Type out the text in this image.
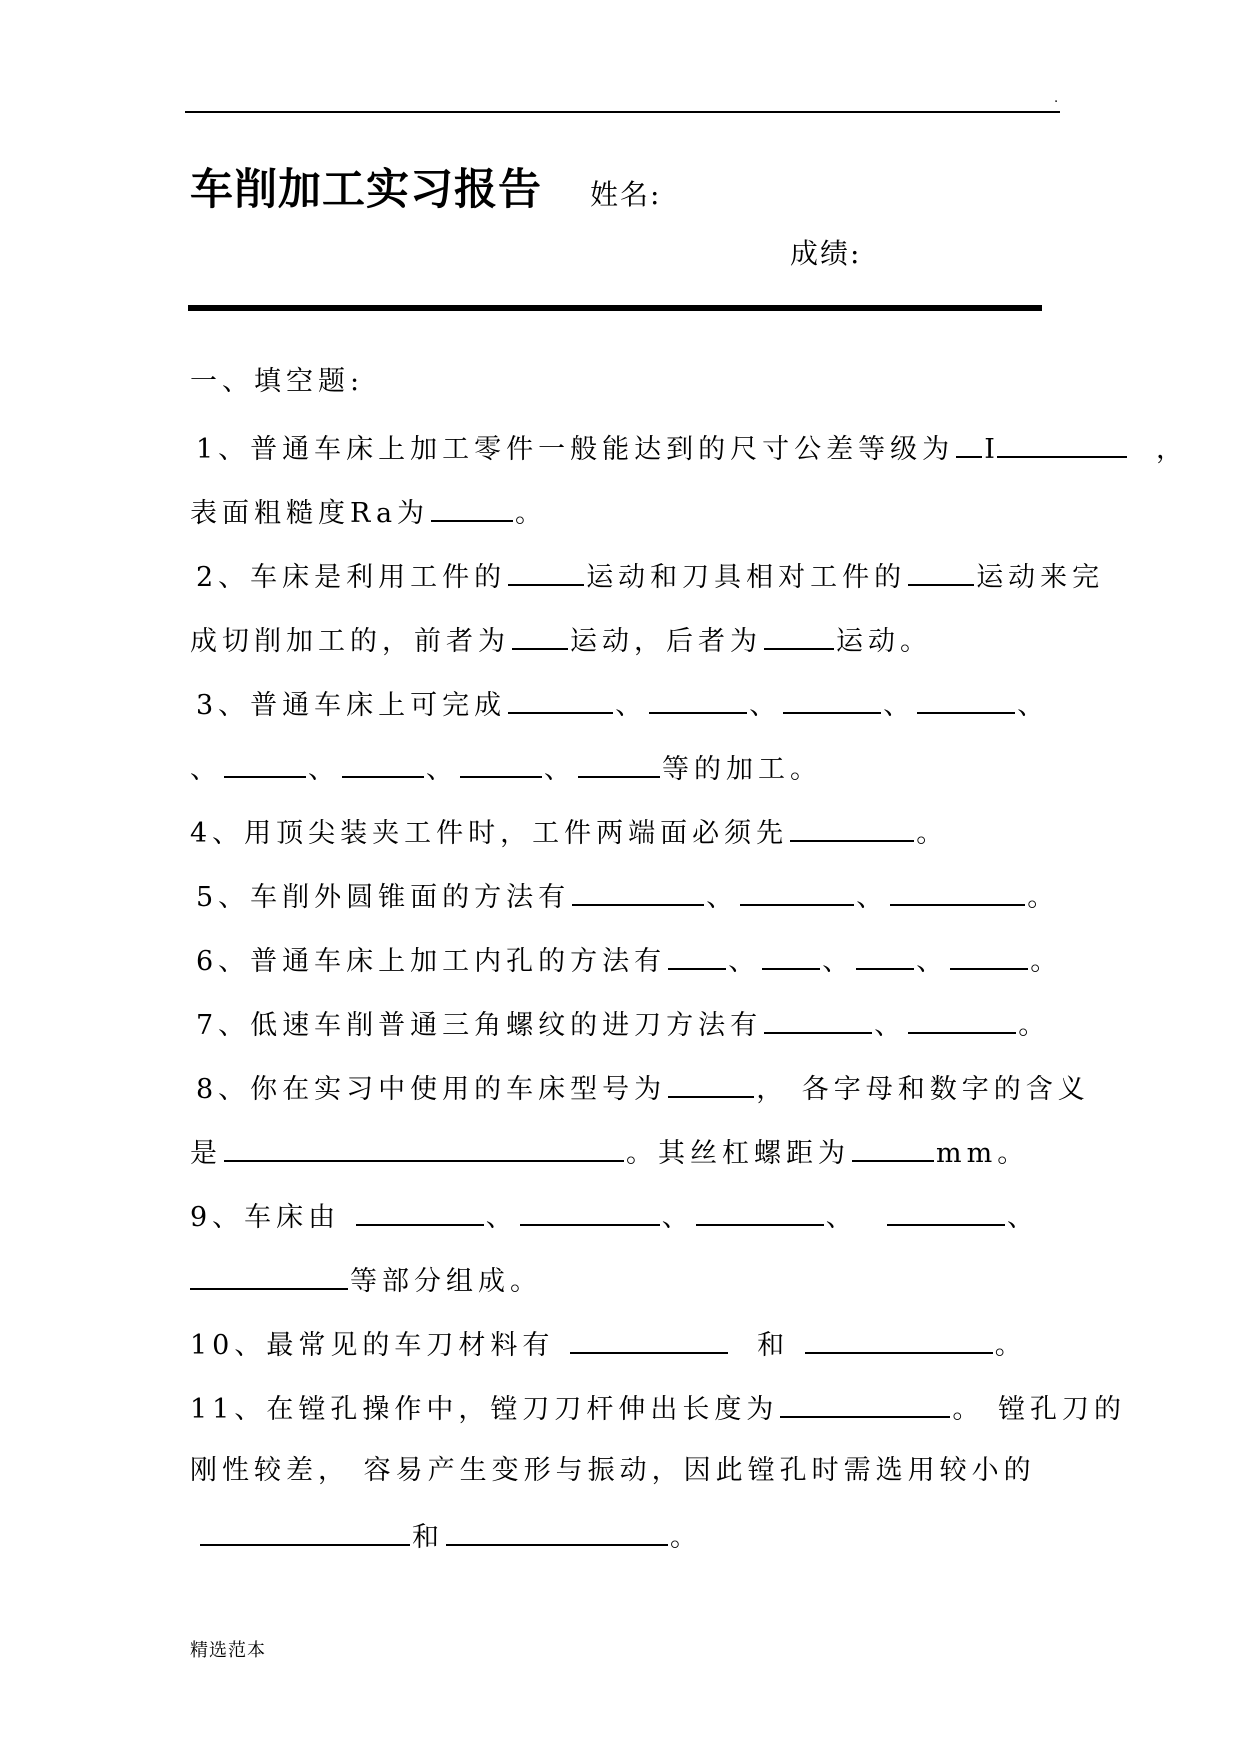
.
车削加工实习报告 姓名:
成绩:
一、填空题:
1、普通车床上加工零件一般能达到的尺寸公差等级为 I	，
表面粗糙度Ra为	。
2、车床是利用工件的	运动和刀具相对工件的	运动来完
成切削加工的，前者为 运动，后者为	运动。
3、普通车床上可完成	、	、	、	、
、	、	、	、	等的加工。
4、用顶尖装夹工件时，工件两端面必须先	。
5、车削外圆锥面的方法有	、	、	。
6、普通车床上加工内孔的方法有 、 、 、	。
7、低速车削普通三角螺纹的进刀方法有	、	。
8、你在实习中使用的车床型号为	， 各字母和数字的含义
是	。其丝杠螺距为	mm。
9、车床由	、	、	、	、
等部分组成。
10、最常见的车刀材料有	和	。
11、在镗孔操作中，镗刀刀杆伸出长度为	。 镗孔刀的
刚性较差， 容易产生变形与振动，因此镗孔时需选用较小的
和	。
精选范本
